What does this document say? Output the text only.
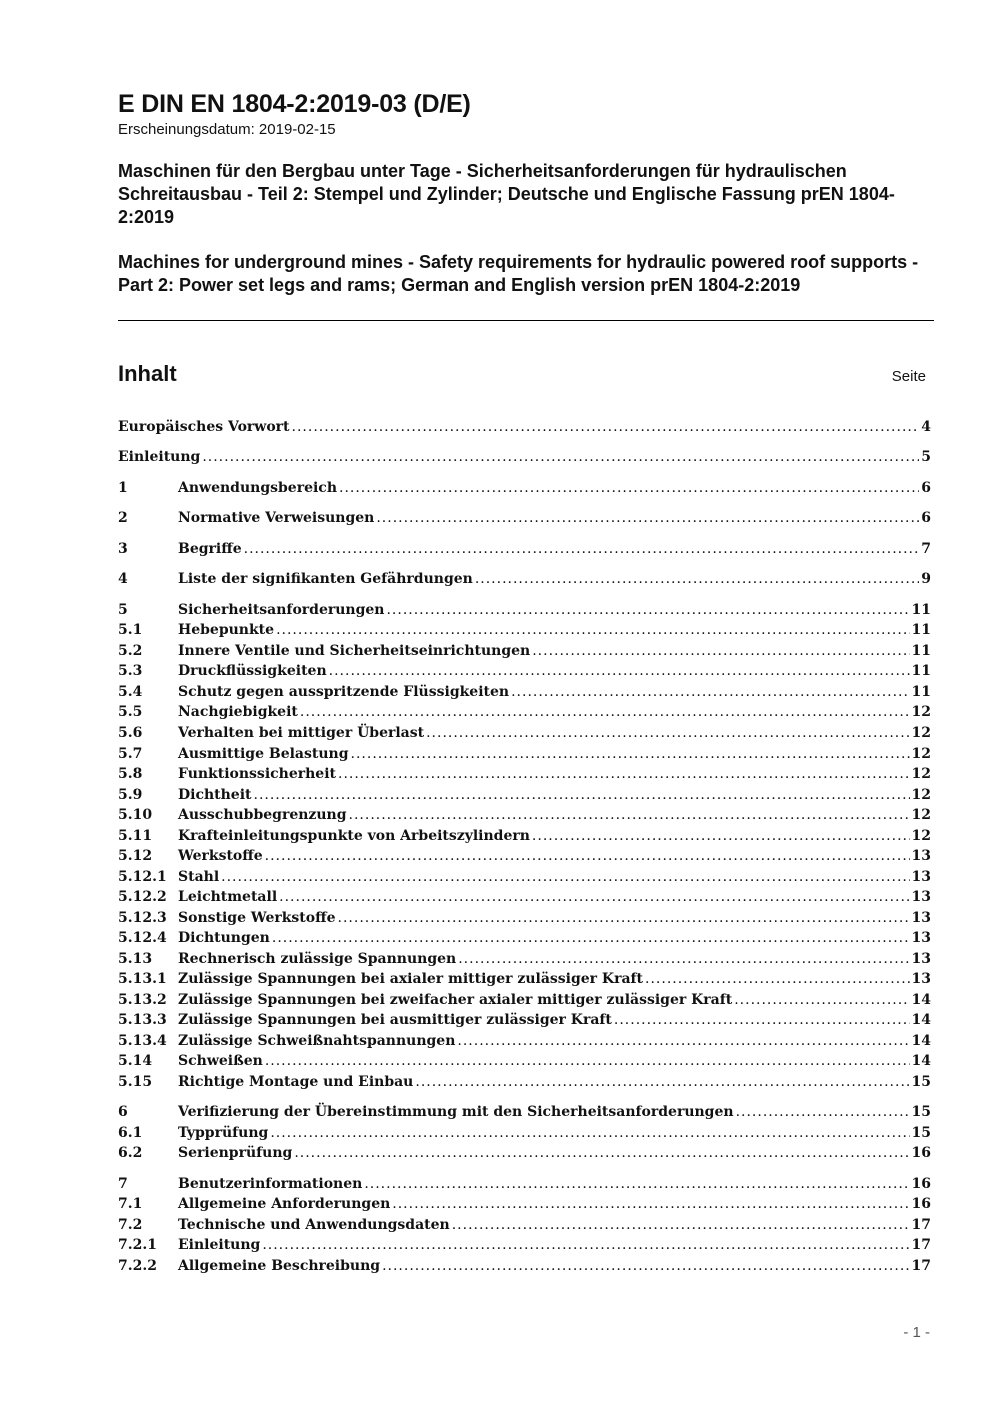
E DIN EN 1804-2:2019-03 (D/E)

Erscheinungsdatum: 2019-02-15

Maschinen für den Bergbau unter Tage - Sicherheitsanforderungen für hydraulischen Schreitausbau - Teil 2: Stempel und Zylinder; Deutsche und Englische Fassung prEN 1804-2:2019
Machines for underground mines - Safety requirements for hydraulic powered roof supports - Part 2: Power set legs and rams; German and English version prEN 1804-2:2019
Inhalt	Seite
Europäisches Vorwort .....	4
Einleitung .....	5
1	Anwendungsbereich .....	6
2	Normative Verweisungen .....	6
3	Begriffe .....	7
4	Liste der signifikanten Gefährdungen .....	9
5	Sicherheitsanforderungen .....	11
5.1	Hebepunkte .....	11
5.2	Innere Ventile und Sicherheitseinrichtungen .....	11
5.3	Druckflüssigkeiten .....	11
5.4	Schutz gegen ausspritzende Flüssigkeiten .....	11
5.5	Nachgiebigkeit .....	12
5.6	Verhalten bei mittiger Überlast .....	12
5.7	Ausmittige Belastung .....	12
5.8	Funktionssicherheit .....	12
5.9	Dichtheit .....	12
5.10	Ausschubbegrenzung .....	12
5.11	Krafteinleitungspunkte von Arbeitszylindern .....	12
5.12	Werkstoffe .....	13
5.12.1 Stahl .....	13
5.12.2 Leichtmetall .....	13
5.12.3 Sonstige Werkstoffe .....	13
5.12.4 Dichtungen .....	13
5.13	Rechnerisch zulässige Spannungen .....	13
5.13.1 Zulässige Spannungen bei axialer mittiger zulässiger Kraft .....	13
5.13.2 Zulässige Spannungen bei zweifacher axialer mittiger zulässiger Kraft .....	14
5.13.3 Zulässige Spannungen bei ausmittiger zulässiger Kraft .....	14
5.13.4 Zulässige Schweißnahtspannungen .....	14
5.14	Schweißen .....	14
5.15	Richtige Montage und Einbau .....	15
6	Verifizierung der Übereinstimmung mit den Sicherheitsanforderungen .....	15
6.1	Typprüfung .....	15
6.2	Serienprüfung .....	16
7	Benutzerinformationen .....	16
7.1	Allgemeine Anforderungen .....	16
7.2	Technische und Anwendungsdaten .....	17
7.2.1	Einleitung .....	17
7.2.2	Allgemeine Beschreibung .....	17
- 1 -
